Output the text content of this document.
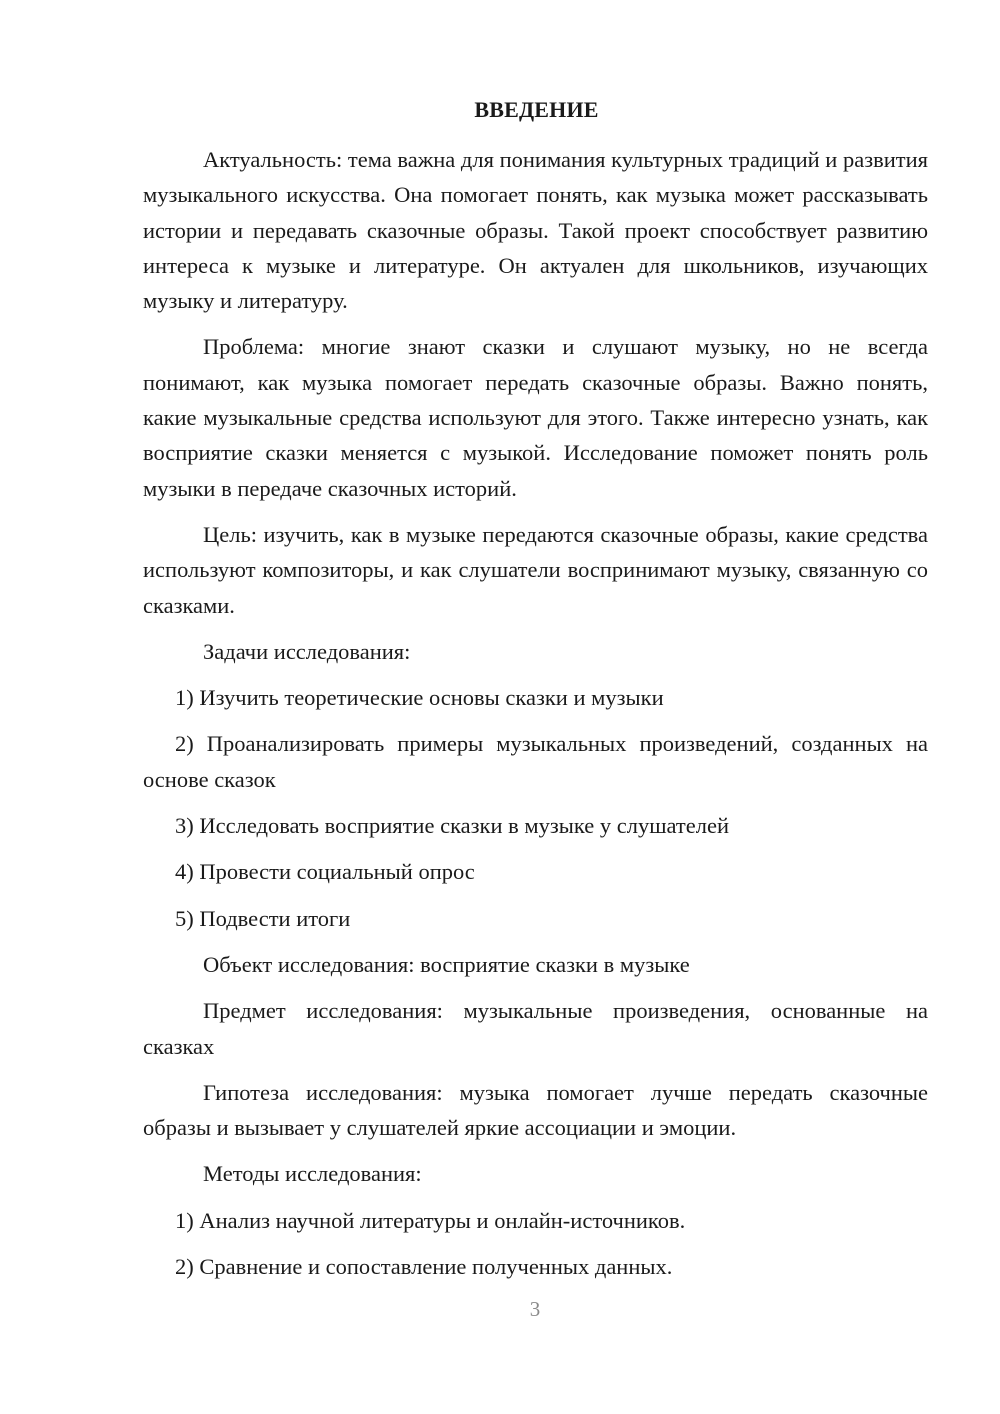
ВВЕДЕНИЕ

Актуальность: тема важна для понимания культурных традиций и развития музыкального искусства. Она помогает понять, как музыка может рассказывать истории и передавать сказочные образы. Такой проект способствует развитию интереса к музыке и литературе. Он актуален для школьников, изучающих музыку и литературу.

Проблема: многие знают сказки и слушают музыку, но не всегда понимают, как музыка помогает передать сказочные образы. Важно понять, какие музыкальные средства используют для этого. Также интересно узнать, как восприятие сказки меняется с музыкой. Исследование поможет понять роль музыки в передаче сказочных историй.

Цель: изучить, как в музыке передаются сказочные образы, какие средства используют композиторы, и как слушатели воспринимают музыку, связанную со сказками.

Задачи исследования:

1) Изучить теоретические основы сказки и музыки

2) Проанализировать примеры музыкальных произведений, созданных на основе сказок

3) Исследовать восприятие сказки в музыке у слушателей

4) Провести социальный опрос

5) Подвести итоги

Объект исследования: восприятие сказки в музыке

Предмет исследования: музыкальные произведения, основанные на сказках

Гипотеза исследования: музыка помогает лучше передать сказочные образы и вызывает у слушателей яркие ассоциации и эмоции.

Методы исследования:

1) Анализ научной литературы и онлайн-источников.

2) Сравнение и сопоставление полученных данных.

3
